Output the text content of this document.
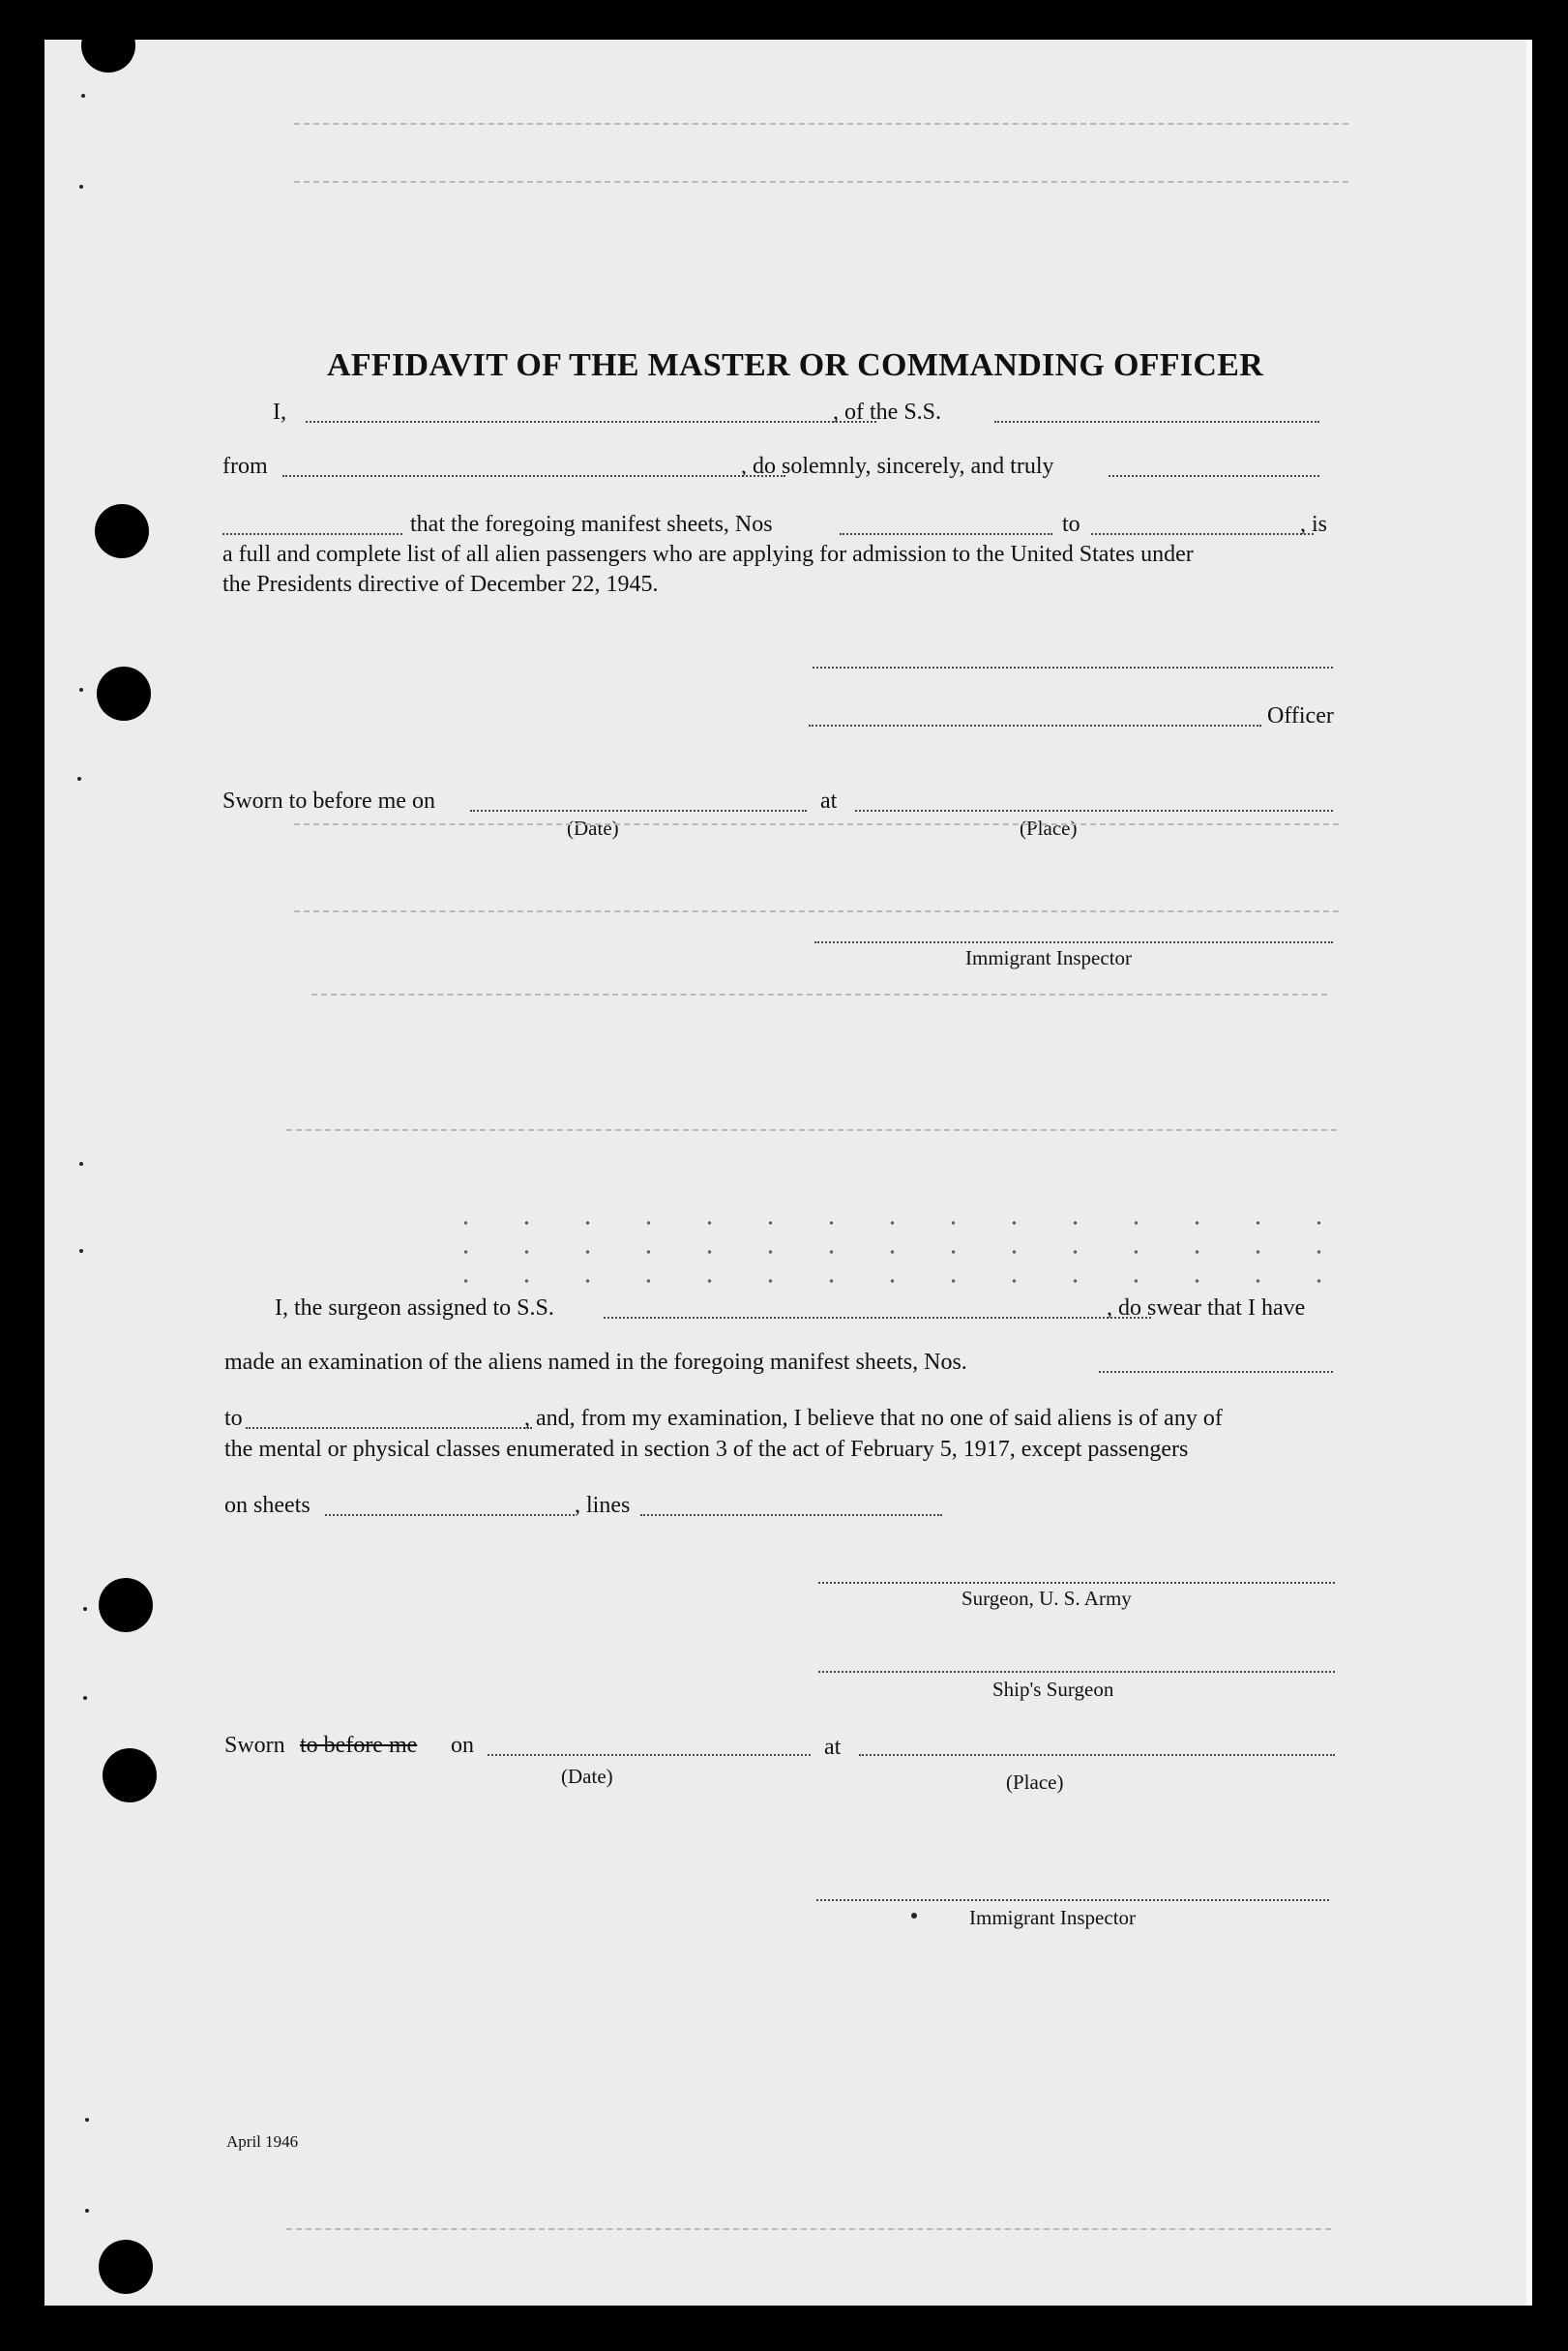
AFFIDAVIT OF THE MASTER OR COMMANDING OFFICER
I,	, of the S.S.
from	, do solemnly, sincerely, and truly
that the foregoing manifest sheets, Nos	to	, is
a full and complete list of all alien passengers who are applying for admission to the United States under
the Presidents directive of December 22, 1945.
Officer
Sworn to before me on	at
(Date)	(Place)
Immigrant Inspector
I, the surgeon assigned to S.S.	, do swear that I have
made an examination of the aliens named in the foregoing manifest sheets, Nos.
to	, and, from my examination, I believe that no one of said aliens is of any of
the mental or physical classes enumerated in section 3 of the act of February 5, 1917, except passengers
on sheets	, lines
Surgeon, U. S. Army
Ship's Surgeon
Sworn to before me on	at
(Date)	(Place)
Immigrant Inspector
April 1946
